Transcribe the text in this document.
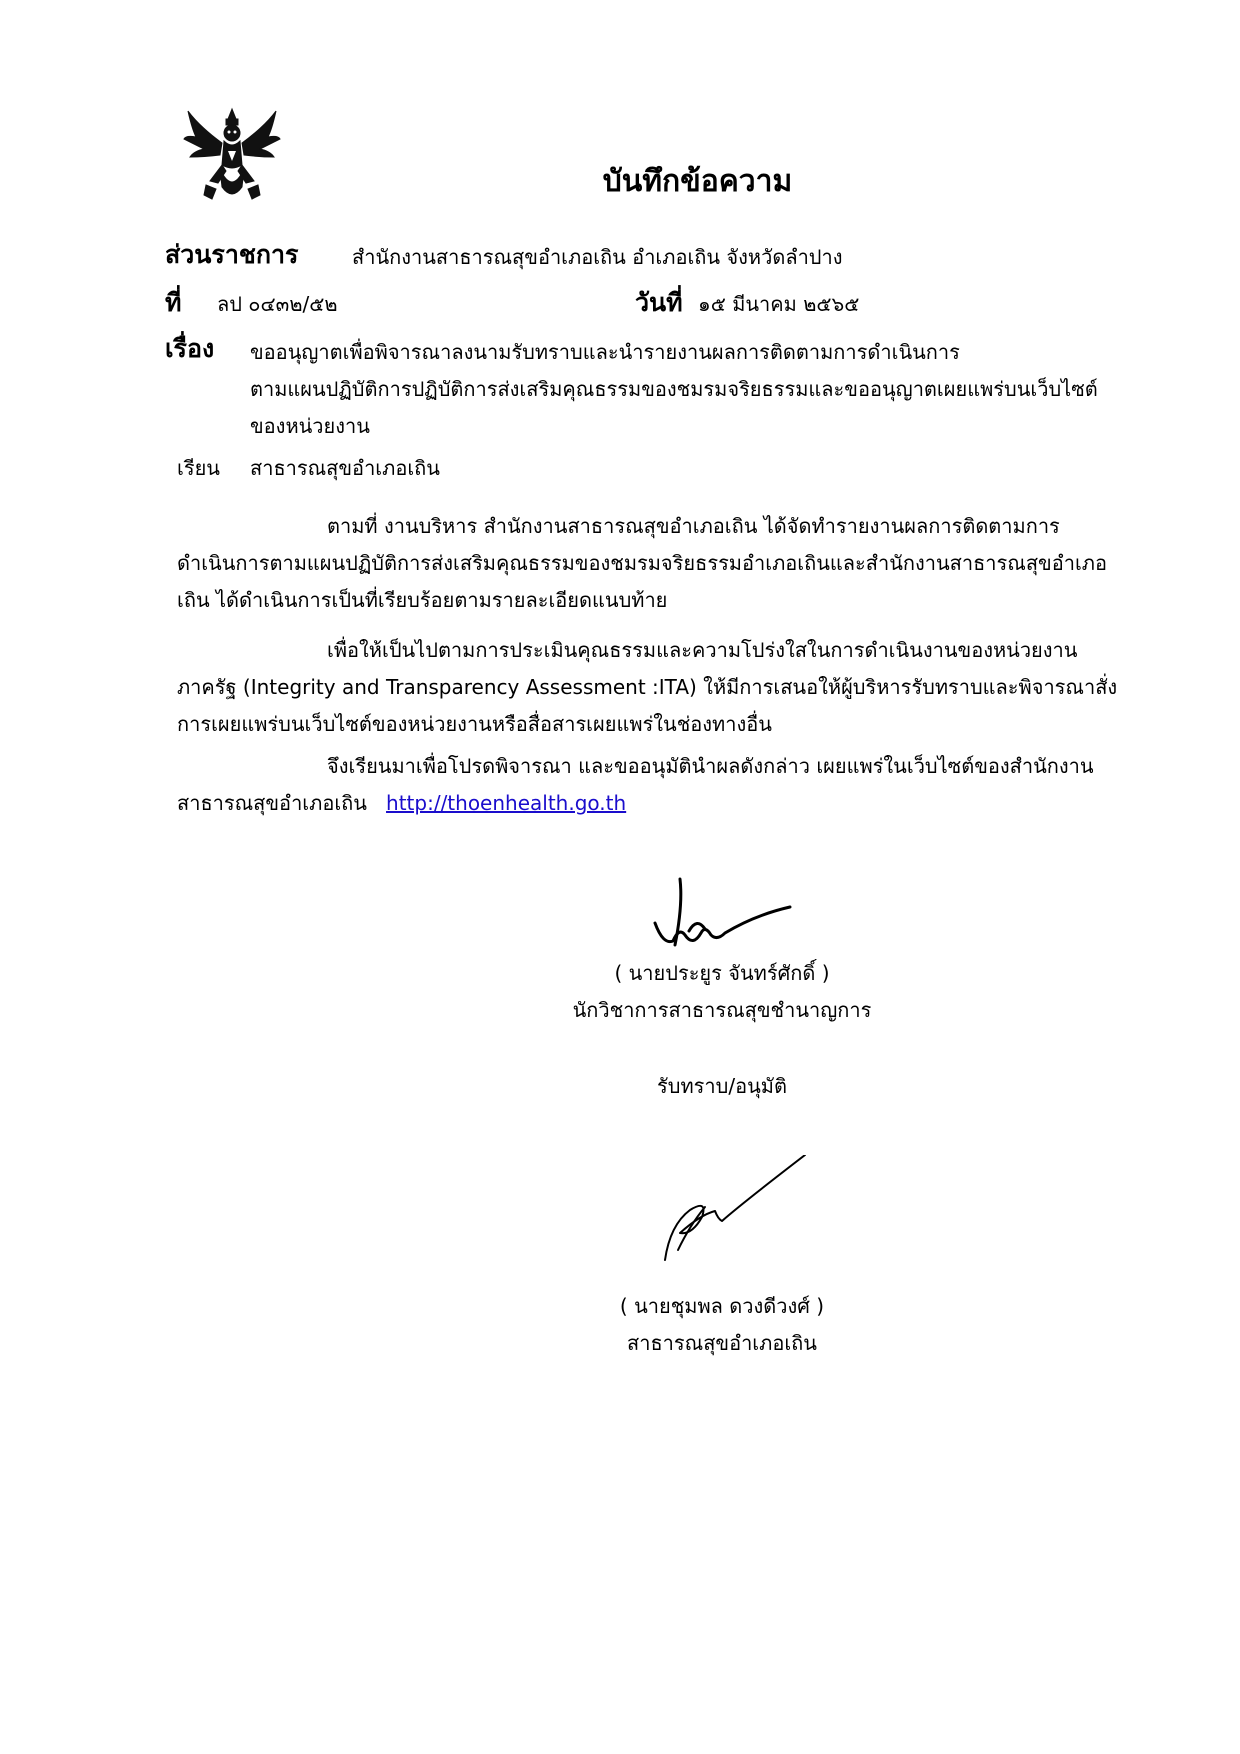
บันทึกข้อความ
ส่วนราชการ	สำนักงานสาธารณสุขอำเภอเถิน อำเภอเถิน จังหวัดลำปาง
ที่ ลป ๐๔๓๒/๕๒	วันที่ ๑๕ มีนาคม ๒๕๖๕
เรื่อง ขออนุญาตเพื่อพิจารณาลงนามรับทราบและนำรายงานผลการติดตามการดำเนินการ
ตามแผนปฏิบัติการปฏิบัติการส่งเสริมคุณธรรมของชมรมจริยธรรมและขออนุญาตเผยแพร่บนเว็บไซต์
ของหน่วยงาน
เรียน สาธารณสุขอำเภอเถิน
ตามที่ งานบริหาร สำนักงานสาธารณสุขอำเภอเถิน ได้จัดทำรายงานผลการติดตามการ
ดำเนินการตามแผนปฏิบัติการส่งเสริมคุณธรรมของชมรมจริยธรรมอำเภอเถินและสำนักงานสาธารณสุขอำเภอ
เถิน ได้ดำเนินการเป็นที่เรียบร้อยตามรายละเอียดแนบท้าย
เพื่อให้เป็นไปตามการประเมินคุณธรรมและความโปร่งใสในการดำเนินงานของหน่วยงาน
ภาครัฐ (Integrity and Transparency Assessment :ITA) ให้มีการเสนอให้ผู้บริหารรับทราบและพิจารณาสั่ง
การเผยแพร่บนเว็บไซต์ของหน่วยงานหรือสื่อสารเผยแพร่ในช่องทางอื่น
จึงเรียนมาเพื่อโปรดพิจารณา และขออนุมัตินำผลดังกล่าว เผยแพร่ในเว็บไซต์ของสำนักงาน
สาธารณสุขอำเภอเถิน http://thoenhealth.go.th
( นายประยูร จันทร์ศักดิ์ )
นักวิชาการสาธารณสุขชำนาญการ
รับทราบ/อนุมัติ
( นายชุมพล ดวงดีวงศ์ )
สาธารณสุขอำเภอเถิน
